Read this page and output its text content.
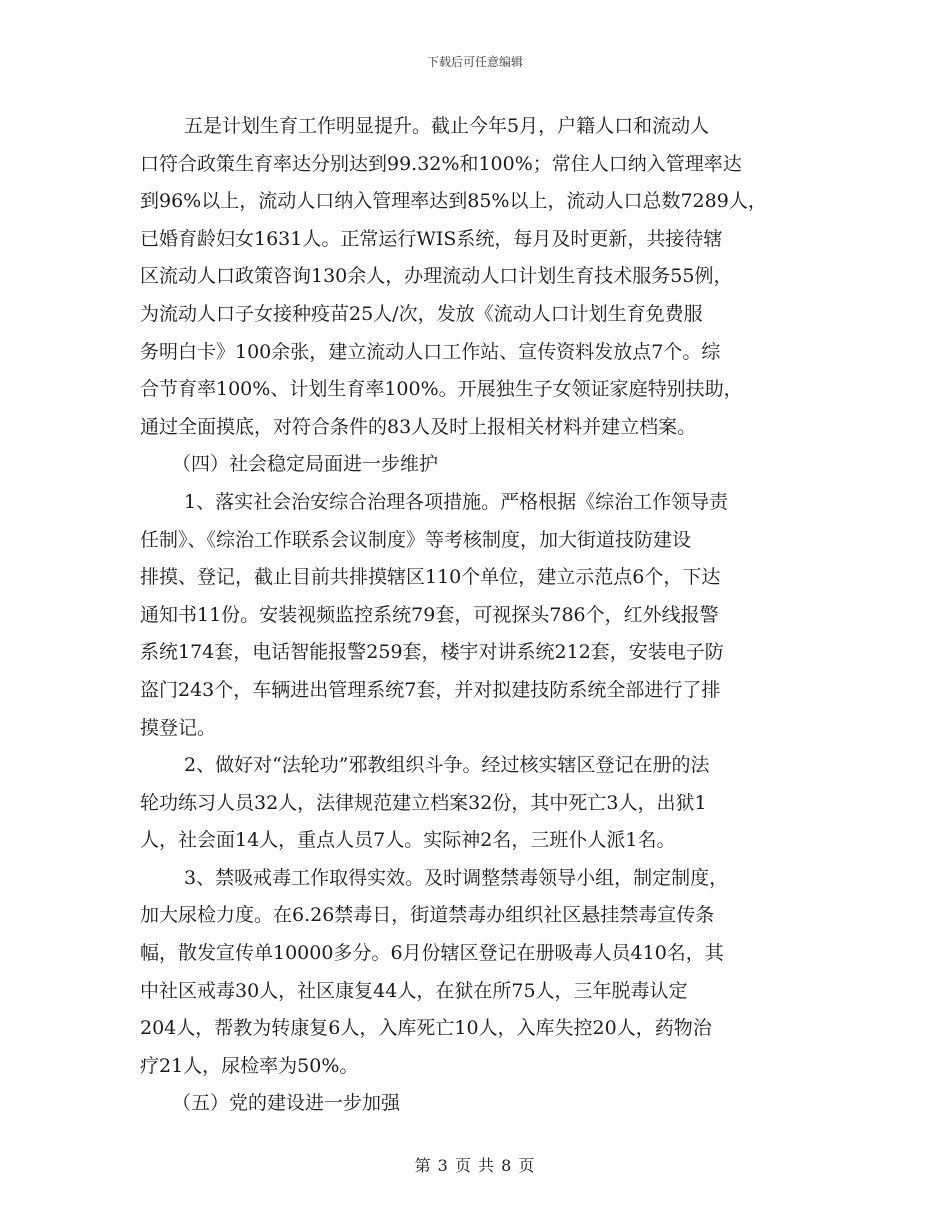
下载后可任意编辑
五是计划生育工作明显提升。截止今年5月，户籍人口和流动人
口符合政策生育率达分别达到99.32%和100%；常住人口纳入管理率达
到96%以上，流动人口纳入管理率达到85%以上，流动人口总数7289人，
已婚育龄妇女1631人。正常运行WIS系统，每月及时更新，共接待辖
区流动人口政策咨询130余人，办理流动人口计划生育技术服务55例，
为流动人口子女接种疫苗25人/次，发放《流动人口计划生育免费服
务明白卡》100余张，建立流动人口工作站、宣传资料发放点7个。综
合节育率100%、计划生育率100%。开展独生子女领证家庭特别扶助，
通过全面摸底，对符合条件的83人及时上报相关材料并建立档案。
（四）社会稳定局面进一步维护
1、落实社会治安综合治理各项措施。严格根据《综治工作领导责
任制》、《综治工作联系会议制度》等考核制度，加大街道技防建设
排摸、登记，截止目前共排摸辖区110个单位，建立示范点6个，下达
通知书11份。安装视频监控系统79套，可视探头786个，红外线报警
系统174套，电话智能报警259套，楼宇对讲系统212套，安装电子防
盗门243个，车辆进出管理系统7套，并对拟建技防系统全部进行了排
摸登记。
2、做好对“法轮功”邪教组织斗争。经过核实辖区登记在册的法
轮功练习人员32人，法律规范建立档案32份，其中死亡3人，出狱1
人，社会面14人，重点人员7人。实际神2名，三班仆人派1名。
3、禁吸戒毒工作取得实效。及时调整禁毒领导小组，制定制度，
加大尿检力度。在6.26禁毒日，街道禁毒办组织社区悬挂禁毒宣传条
幅，散发宣传单10000多分。6月份辖区登记在册吸毒人员410名，其
中社区戒毒30人，社区康复44人，在狱在所75人，三年脱毒认定
204人，帮教为转康复6人，入库死亡10人，入库失控20人，药物治
疗21人，尿检率为50%。
（五）党的建设进一步加强
第 3 页 共 8 页
